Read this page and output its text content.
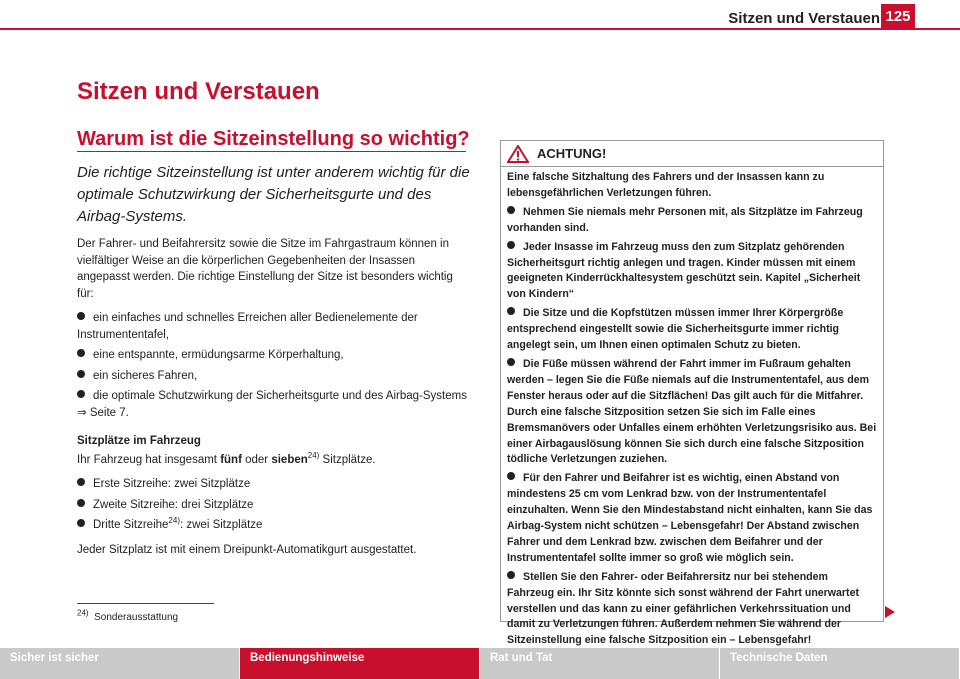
Sitzen und Verstauen 125
Sitzen und Verstauen
Warum ist die Sitzeinstellung so wichtig?

Die richtige Sitzeinstellung ist unter anderem wichtig für die optimale Schutzwirkung der Sicherheitsgurte und des Airbag-Systems.

Der Fahrer- und Beifahrersitz sowie die Sitze im Fahrgastraum können in vielfältiger Weise an die körperlichen Gegebenheiten der Insassen angepasst werden. Die richtige Einstellung der Sitze ist besonders wichtig für:

ein einfaches und schnelles Erreichen aller Bedienelemente der Instrumententafel,

eine entspannte, ermüdungsarme Körperhaltung,

ein sicheres Fahren,

die optimale Schutzwirkung der Sicherheitsgurte und des Airbag-Systems
⇒ Seite 7.

Sitzplätze im Fahrzeug

Ihr Fahrzeug hat insgesamt fünf oder sieben$^{24)}$ Sitzplätze.

Erste Sitzreihe: zwei Sitzplätze

Zweite Sitzreihe: drei Sitzplätze

Dritte Sitzreihe$^{24)}$: zwei Sitzplätze

Jeder Sitzplatz ist mit einem Dreipunkt-Automatikgurt ausgestattet.

$^{24)}$ Sonderausstattung
ACHTUNG!

Eine falsche Sitzhaltung des Fahrers und der Insassen kann zu lebensgefährlichen Verletzungen führen.

Nehmen Sie niemals mehr Personen mit, als Sitzplätze im Fahrzeug vorhanden sind.

Jeder Insasse im Fahrzeug muss den zum Sitzplatz gehörenden Sicherheitsgurt richtig anlegen und tragen. Kinder müssen mit einem geeigneten Kinderrückhaltesystem geschützt sein. Kapitel „Sicherheit von Kindern“

Die Sitze und die Kopfstützen müssen immer Ihrer Körpergröße entsprechend eingestellt sowie die Sicherheitsgurte immer richtig angelegt sein, um Ihnen einen optimalen Schutz zu bieten.

Die Füße müssen während der Fahrt immer im Fußraum gehalten werden – legen Sie die Füße niemals auf die Instrumententafel, aus dem Fenster heraus oder auf die Sitzflächen! Das gilt auch für die Mitfahrer. Durch eine falsche Sitzposition setzen Sie sich im Falle eines Bremsmanövers oder Unfalles einem erhöhten Verletzungsrisiko aus. Bei einer Airbagauslösung können Sie sich durch eine falsche Sitzposition tödliche Verletzungen zuziehen.

Für den Fahrer und Beifahrer ist es wichtig, einen Abstand von mindestens 25 cm vom Lenkrad bzw. von der Instrumententafel einzuhalten. Wenn Sie den Mindestabstand nicht einhalten, kann Sie das Airbag-System nicht schützen – Lebensgefahr! Der Abstand zwischen Fahrer und dem Lenkrad bzw. zwischen dem Beifahrer und der Instrumententafel sollte immer so groß wie möglich sein.

Stellen Sie den Fahrer- oder Beifahrersitz nur bei stehendem Fahrzeug ein. Ihr Sitz könnte sich sonst während der Fahrt unerwartet verstellen und das kann zu einer gefährlichen Verkehrssituation und damit zu Verletzungen führen. Außerdem nehmen Sie während der Sitzeinstellung eine falsche Sitzposition ein – Lebensgefahr!

Sicher ist sicher	Bedienungshinweise	Rat und Tat	Technische Daten
